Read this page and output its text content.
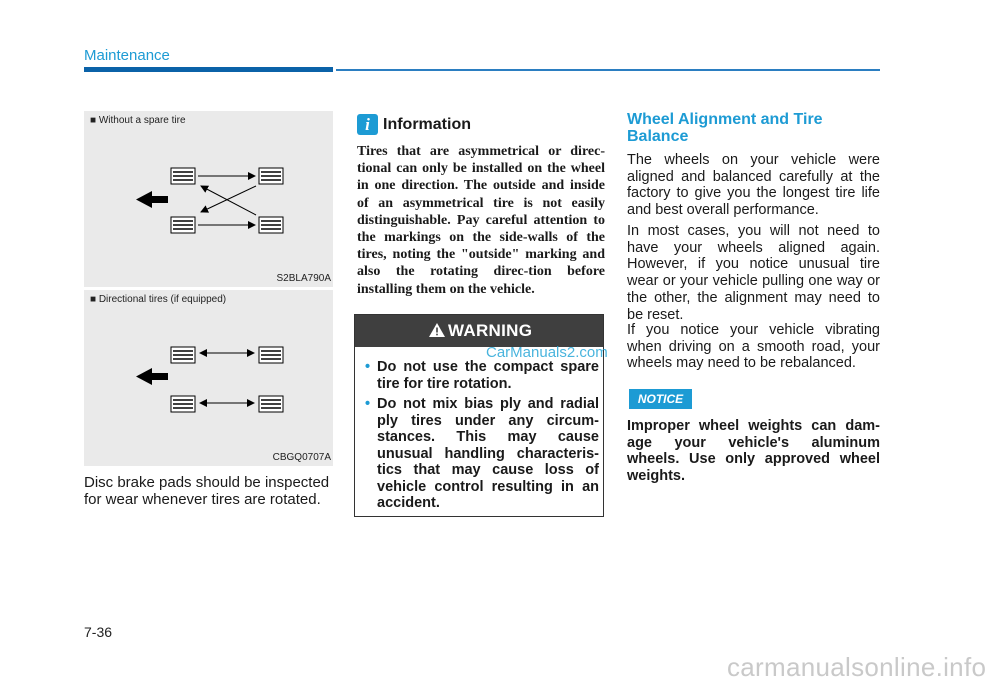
Maintenance
■ Without a spare tire
S2BLA790A
■ Directional tires (if equipped)
CBGQ0707A
Disc brake pads should be inspected for wear whenever tires are rotated.
i Information
Tires that are asymmetrical or direc-tional can only be installed on the wheel in one direction. The outside and inside of an asymmetrical tire is not easily distinguishable. Pay careful attention to the markings on the side-walls of the tires, noting the "outside" marking and also the rotating direc-tion before installing them on the vehicle.
WARNING
• Do not use the compact spare tire for tire rotation.
• Do not mix bias ply and radial ply tires under any circum-stances. This may cause unusual handling characteris-tics that may cause loss of vehicle control resulting in an accident.
CarManuals2.com
Wheel Alignment and Tire Balance

The wheels on your vehicle were aligned and balanced carefully at the factory to give you the longest tire life and best overall performance.

In most cases, you will not need to have your wheels aligned again. However, if you notice unusual tire wear or your vehicle pulling one way or the other, the alignment may need to be reset.

If you notice your vehicle vibrating when driving on a smooth road, your wheels may need to be rebalanced.

NOTICE
Improper wheel weights can dam-age your vehicle's aluminum wheels. Use only approved wheel weights.
7-36
carmanualsonline.info
